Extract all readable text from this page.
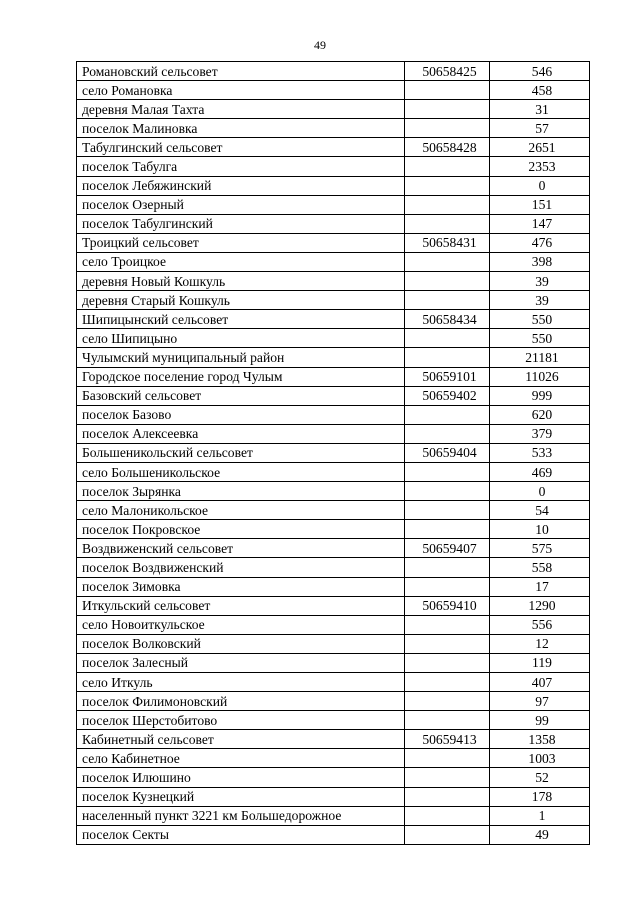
49
Романовский сельсовет	50658425	546
село Романовка		458
деревня Малая Тахта		31
поселок Малиновка		57
Табулгинский сельсовет	50658428	2651
поселок Табулга		2353
поселок Лебяжинский		0
поселок Озерный		151
поселок Табулгинский		147
Троицкий сельсовет	50658431	476
село Троицкое		398
деревня Новый Кошкуль		39
деревня Старый Кошкуль		39
Шипицынский сельсовет	50658434	550
село Шипицыно		550
Чулымский муниципальный район		21181
Городское поселение город Чулым	50659101	11026
Базовский сельсовет	50659402	999
поселок Базово		620
поселок Алексеевка		379
Большеникольский сельсовет	50659404	533
село Большеникольское		469
поселок Зырянка		0
село Малоникольское		54
поселок Покровское		10
Воздвиженский сельсовет	50659407	575
поселок Воздвиженский		558
поселок Зимовка		17
Иткульский сельсовет	50659410	1290
село Новоиткульское		556
поселок Волковский		12
поселок Залесный		119
село Иткуль		407
поселок Филимоновский		97
поселок Шерстобитово		99
Кабинетный сельсовет	50659413	1358
село Кабинетное		1003
поселок Илюшино		52
поселок Кузнецкий		178
населенный пункт 3221 км Большедорожное		1
поселок Секты		49
